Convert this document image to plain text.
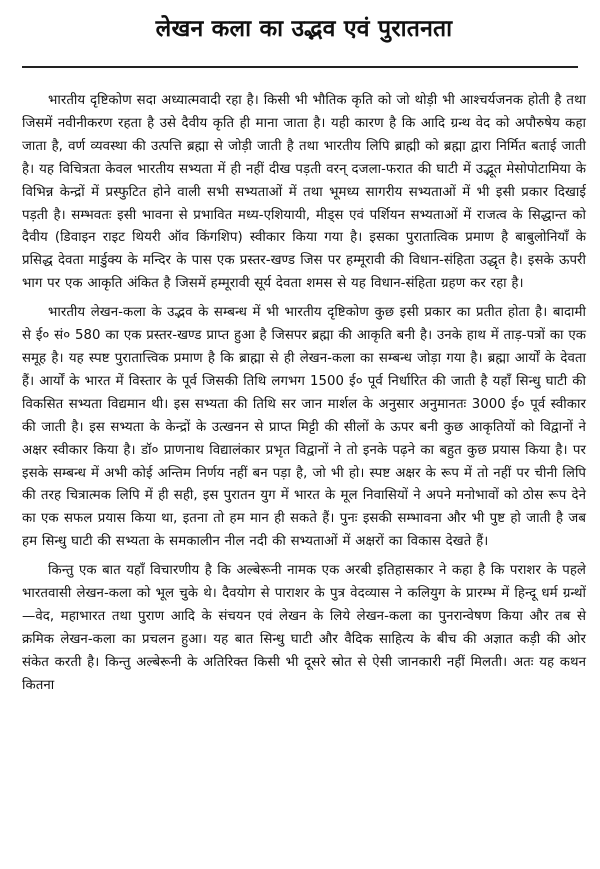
लेखन कला का उद्भव एवं पुरातनता

भारतीय दृष्टिकोण सदा अध्यात्मवादी रहा है। किसी भी भौतिक कृति को जो थोड़ी भी आश्चर्यजनक होती है तथा जिसमें नवीनीकरण रहता है उसे दैवीय कृति ही माना जाता है। यही कारण है कि आदि ग्रन्थ वेद को अपौरुषेय कहा जाता है, वर्ण व्यवस्था की उत्पत्ति ब्रह्मा से जोड़ी जाती है तथा भारतीय लिपि ब्राह्मी को ब्रह्मा द्वारा निर्मित बताई जाती है। यह विचित्रता केवल भारतीय सभ्यता में ही नहीं दीख पड़ती वरन् दजला-फरात की घाटी में उद्भूत मेसोपोटामिया के विभिन्न केन्द्रों में प्रस्फुटित होने वाली सभी सभ्यताओं में तथा भूमध्य सागरीय सभ्यताओं में भी इसी प्रकार दिखाई पड़ती है। सम्भवतः इसी भावना से प्रभावित मध्य-एशियायी, मीड्स एवं पर्शियन सभ्यताओं में राजत्व के सिद्धान्त को दैवीय (डिवाइन राइट थियरी ऑव किंगशिप) स्वीकार किया गया है। इसका पुरातात्विक प्रमाण है बाबुलोनियाँ के प्रसिद्ध देवता मार्डुक्य के मन्दिर के पास एक प्रस्तर-खण्ड जिस पर हम्मूरावी की विधान-संहिता उद्धृत है। इसके ऊपरी भाग पर एक आकृति अंकित है जिसमें हम्मूरावी सूर्य देवता शमस से यह विधान-संहिता ग्रहण कर रहा है।

भारतीय लेखन-कला के उद्भव के सम्बन्ध में भी भारतीय दृष्टिकोण कुछ इसी प्रकार का प्रतीत होता है। बादामी से ई० सं० 580 का एक प्रस्तर-खण्ड प्राप्त हुआ है जिसपर ब्रह्मा की आकृति बनी है। उनके हाथ में ताड़-पत्रों का एक समूह है। यह स्पष्ट पुरातात्त्विक प्रमाण है कि ब्राह्मा से ही लेखन-कला का सम्बन्ध जोड़ा गया है। ब्रह्मा आर्यों के देवता हैं। आर्यों के भारत में विस्तार के पूर्व जिसकी तिथि लगभग 1500 ई० पूर्व निर्धारित की जाती है यहाँ सिन्धु घाटी की विकसित सभ्यता विद्यमान थी। इस सभ्यता की तिथि सर जान मार्शल के अनुसार अनुमानतः 3000 ई० पूर्व स्वीकार की जाती है। इस सभ्यता के केन्द्रों के उत्खनन से प्राप्त मिट्टी की सीलों के ऊपर बनी कुछ आकृतियों को विद्वानों ने अक्षर स्वीकार किया है। डॉ० प्राणनाथ विद्यालंकार प्रभृत विद्वानों ने तो इनके पढ़ने का बहुत कुछ प्रयास किया है। पर इसके सम्बन्ध में अभी कोई अन्तिम निर्णय नहीं बन पड़ा है, जो भी हो। स्पष्ट अक्षर के रूप में तो नहीं पर चीनी लिपि की तरह चित्रात्मक लिपि में ही सही, इस पुरातन युग में भारत के मूल निवासियों ने अपने मनोभावों को ठोस रूप देने का एक सफल प्रयास किया था, इतना तो हम मान ही सकते हैं। पुनः इसकी सम्भावना और भी पुष्ट हो जाती है जब हम सिन्धु घाटी की सभ्यता के समकालीन नील नदी की सभ्यताओं में अक्षरों का विकास देखते हैं।

किन्तु एक बात यहाँ विचारणीय है कि अल्बेरूनी नामक एक अरबी इतिहासकार ने कहा है कि पराशर के पहले भारतवासी लेखन-कला को भूल चुके थे। दैवयोग से पाराशर के पुत्र वेदव्यास ने कलियुग के प्रारम्भ में हिन्दू धर्म ग्रन्थों—वेद, महाभारत तथा पुराण आदि के संचयन एवं लेखन के लिये लेखन-कला का पुनरान्वेषण किया और तब से क्रमिक लेखन-कला का प्रचलन हुआ। यह बात सिन्धु घाटी और वैदिक साहित्य के बीच की अज्ञात कड़ी की ओर संकेत करती है। किन्तु अल्बेरूनी के अतिरिक्त किसी भी दूसरे स्रोत से ऐसी जानकारी नहीं मिलती। अतः यह कथन कितना
